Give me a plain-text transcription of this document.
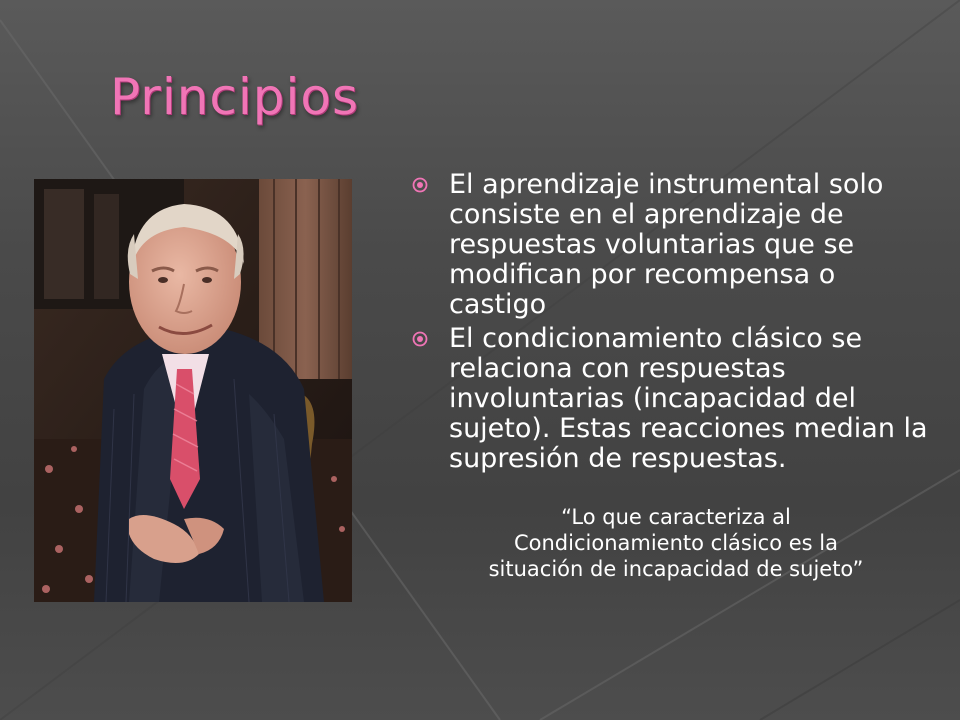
Principios
El aprendizaje instrumental solo consiste en el aprendizaje de respuestas voluntarias que se modifican por recompensa o castigo
El condicionamiento clásico se relaciona con respuestas involuntarias (incapacidad del sujeto). Estas reacciones median la supresión de respuestas.
“Lo que caracteriza al
Condicionamiento clásico es la
situación de incapacidad de sujeto”
